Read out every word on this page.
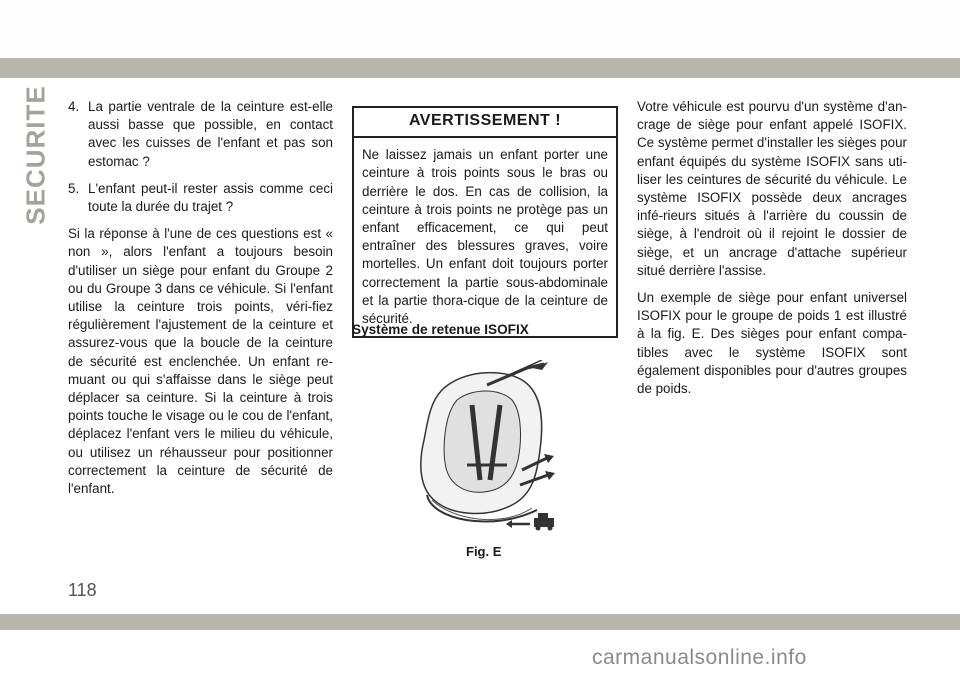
SECURITE 4. La partie ventrale de la ceinture est-elle aussi basse que possible, en contact avec les cuisses de l'enfant et pas son estomac ?
5. L'enfant peut-il rester assis comme ceci toute la durée du trajet ?

Si la réponse à l'une de ces questions est « non », alors l'enfant a toujours besoin d'utiliser un siège pour enfant du Groupe 2 ou du Groupe 3 dans ce véhicule. Si l'enfant utilise la ceinture trois points, véri-fiez régulièrement l'ajustement de la ceinture et assurez-vous que la boucle de la ceinture de sécurité est enclenchée. Un enfant re-muant ou qui s'affaisse dans le siège peut déplacer sa ceinture. Si la ceinture à trois points touche le visage ou le cou de l'enfant, déplacez l'enfant vers le milieu du véhicule, ou utilisez un réhausseur pour positionner correctement la ceinture de sécurité de l'enfant.

AVERTISSEMENT !
Ne laissez jamais un enfant porter une ceinture à trois points sous le bras ou derrière le dos. En cas de collision, la ceinture à trois points ne protège pas un enfant efficacement, ce qui peut entraîner des blessures graves, voire mortelles. Un enfant doit toujours porter correctement la partie sous-abdominale et la partie thora-cique de la ceinture de sécurité.
Système de retenue ISOFIX
Fig. E

Votre véhicule est pourvu d'un système d'an-crage de siège pour enfant appelé ISOFIX. Ce système permet d'installer les sièges pour enfant équipés du système ISOFIX sans uti-liser les ceintures de sécurité du véhicule. Le système ISOFIX possède deux ancrages infé-rieurs situés à l'arrière du coussin de siège, à l'endroit où il rejoint le dossier de siège, et un ancrage d'attache supérieur situé derrière l'assise.

Un exemple de siège pour enfant universel ISOFIX pour le groupe de poids 1 est illustré à la fig. E. Des sièges pour enfant compa-tibles avec le système ISOFIX sont également disponibles pour d'autres groupes de poids.

118
carmanualsonline.info
